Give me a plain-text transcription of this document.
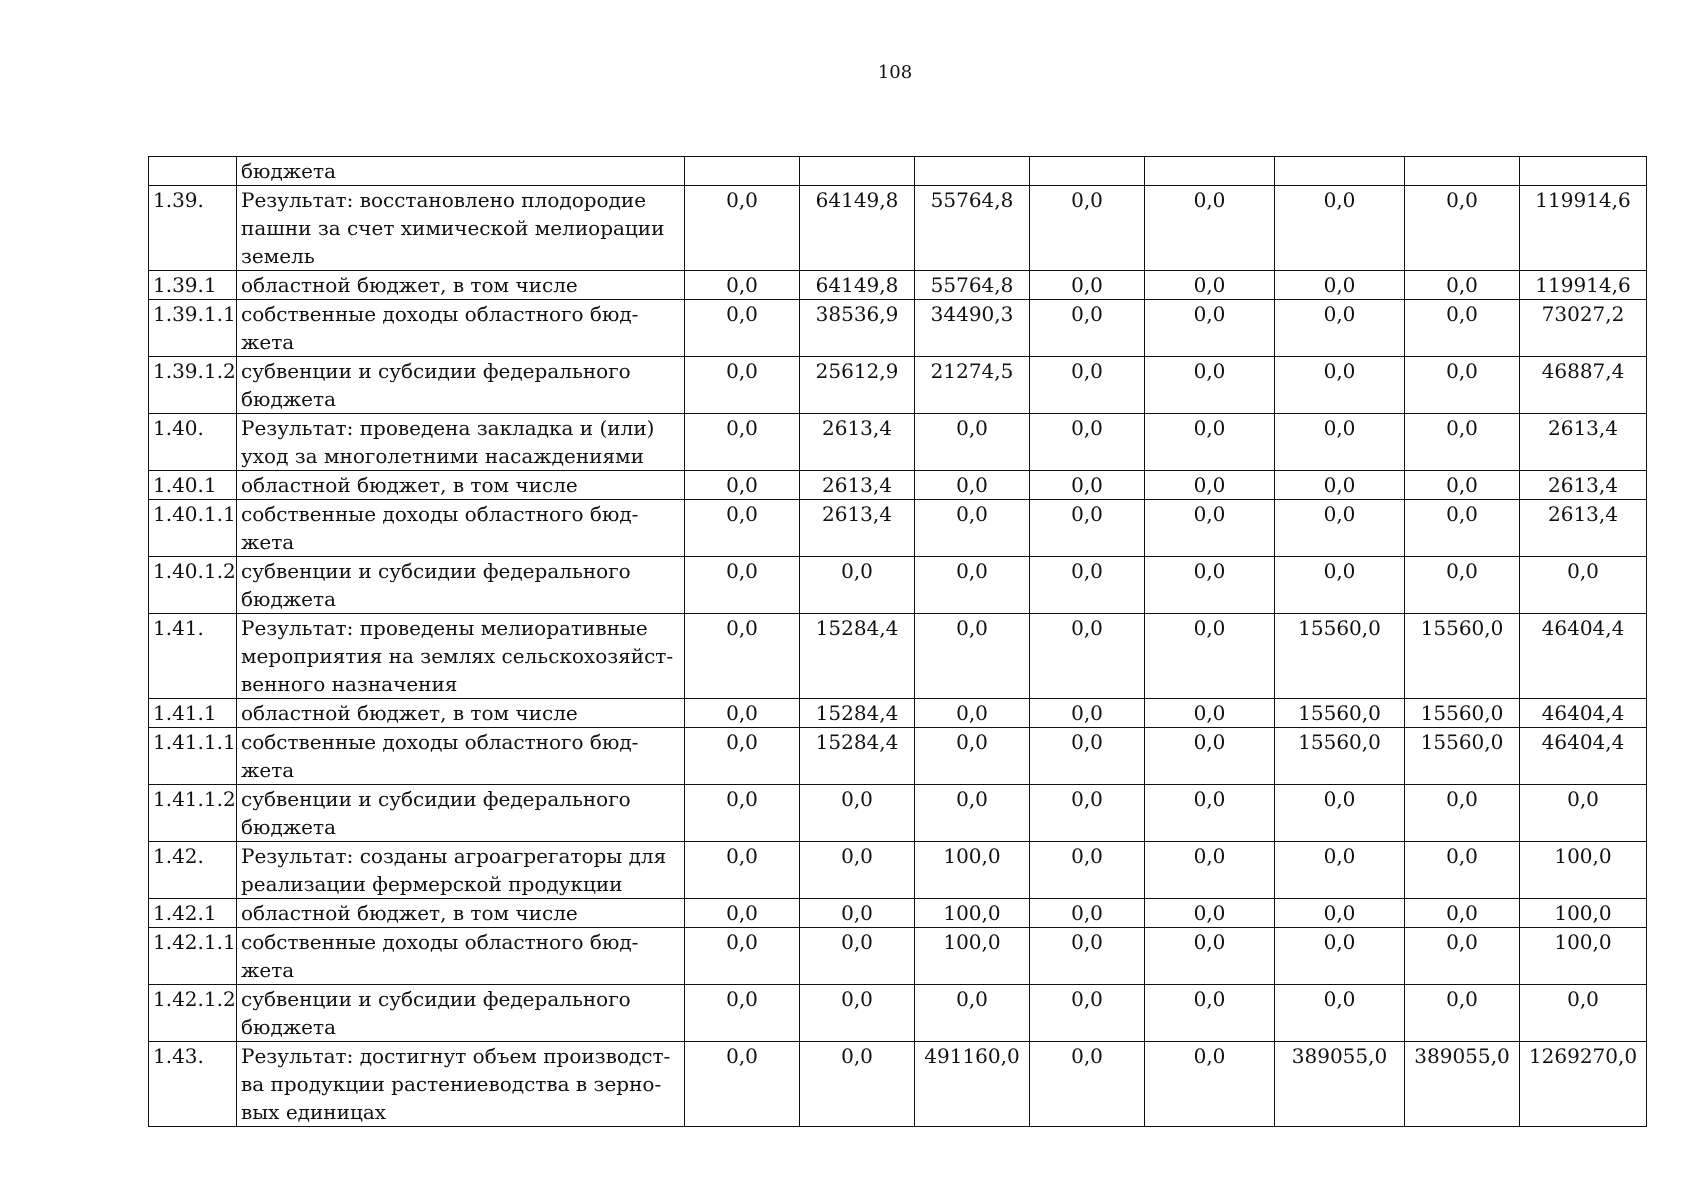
108
	бюджета								
1.39.	Результат: восстановлено плодородие пашни за счет химической мелиорации земель	0,0	64149,8	55764,8	0,0	0,0	0,0	0,0	119914,6
1.39.1	областной бюджет, в том числе	0,0	64149,8	55764,8	0,0	0,0	0,0	0,0	119914,6
1.39.1.1	собственные доходы областного бюд-жета	0,0	38536,9	34490,3	0,0	0,0	0,0	0,0	73027,2
1.39.1.2	субвенции и субсидии федерального бюджета	0,0	25612,9	21274,5	0,0	0,0	0,0	0,0	46887,4
1.40.	Результат: проведена закладка и (или) уход за многолетними насаждениями	0,0	2613,4	0,0	0,0	0,0	0,0	0,0	2613,4
1.40.1	областной бюджет, в том числе	0,0	2613,4	0,0	0,0	0,0	0,0	0,0	2613,4
1.40.1.1	собственные доходы областного бюд-жета	0,0	2613,4	0,0	0,0	0,0	0,0	0,0	2613,4
1.40.1.2	субвенции и субсидии федерального бюджета	0,0	0,0	0,0	0,0	0,0	0,0	0,0	0,0
1.41.	Результат: проведены мелиоративные мероприятия на землях сельскохозяйст-венного назначения	0,0	15284,4	0,0	0,0	0,0	15560,0	15560,0	46404,4
1.41.1	областной бюджет, в том числе	0,0	15284,4	0,0	0,0	0,0	15560,0	15560,0	46404,4
1.41.1.1	собственные доходы областного бюд-жета	0,0	15284,4	0,0	0,0	0,0	15560,0	15560,0	46404,4
1.41.1.2	субвенции и субсидии федерального бюджета	0,0	0,0	0,0	0,0	0,0	0,0	0,0	0,0
1.42.	Результат: созданы агроагрегаторы для реализации фермерской продукции	0,0	0,0	100,0	0,0	0,0	0,0	0,0	100,0
1.42.1	областной бюджет, в том числе	0,0	0,0	100,0	0,0	0,0	0,0	0,0	100,0
1.42.1.1	собственные доходы областного бюд-жета	0,0	0,0	100,0	0,0	0,0	0,0	0,0	100,0
1.42.1.2	субвенции и субсидии федерального бюджета	0,0	0,0	0,0	0,0	0,0	0,0	0,0	0,0
1.43.	Результат: достигнут объем производст-ва продукции растениеводства в зерно-вых единицах	0,0	0,0	491160,0	0,0	0,0	389055,0	389055,0	1269270,0
